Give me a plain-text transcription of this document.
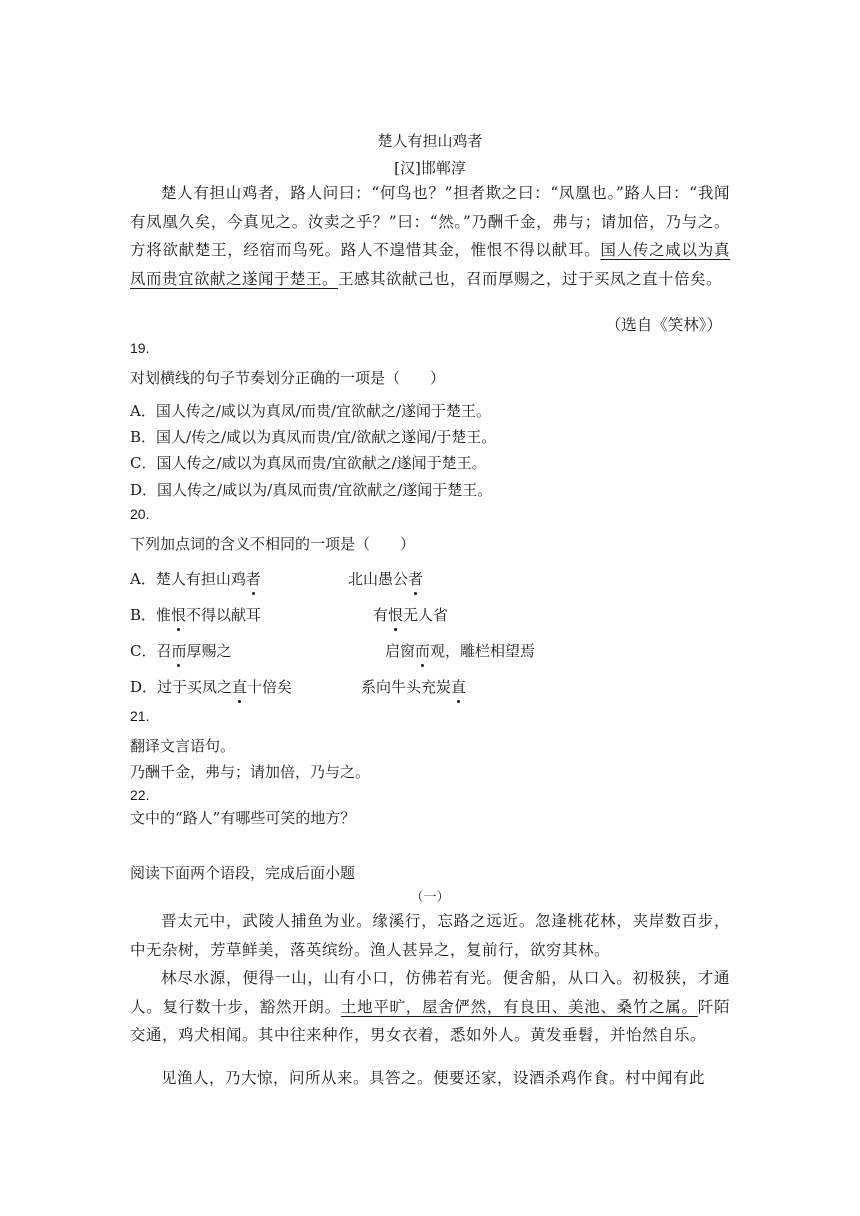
楚人有担山鸡者
[汉]邯郸淳

楚人有担山鸡者，路人问曰：“何鸟也？”担者欺之曰：“凤凰也。”路人曰：“我闻有凤凰久矣，今真见之。汝卖之乎？”曰：“然。”乃酬千金，弗与；请加倍，乃与之。方将欲献楚王，经宿而鸟死。路人不遑惜其金，惟恨不得以献耳。国人传之咸以为真凤而贵宜欲献之遂闻于楚王。王感其欲献己也，召而厚赐之，过于买凤之直十倍矣。

（选自《笑林》）
19.
对划横线的句子节奏划分正确的一项是（　　）
A．国人传之/咸以为真凤/而贵/宜欲献之/遂闻于楚王。
B．国人/传之/咸以为真凤而贵/宜/欲献之遂闻/于楚王。
C．国人传之/咸以为真凤而贵/宜欲献之/遂闻于楚王。
D．国人传之/咸以为/真凤而贵/宜欲献之/遂闻于楚王。
20.
下列加点词的含义不相同的一项是（　　）
A．楚人有担山鸡者	北山愚公者
B．惟恨不得以献耳	有恨无人省
C．召而厚赐之	启窗而观，雕栏相望焉
D．过于买凤之直十倍矣	系向牛头充炭直
21.
翻译文言语句。
乃酬千金，弗与；请加倍，乃与之。
22.
文中的“路人”有哪些可笑的地方？
阅读下面两个语段，完成后面小题
（一）

晋太元中，武陵人捕鱼为业。缘溪行，忘路之远近。忽逢桃花林，夹岸数百步，中无杂树，芳草鲜美，落英缤纷。渔人甚异之，复前行，欲穷其林。

林尽水源，便得一山，山有小口，仿佛若有光。便舍船，从口入。初极狭，才通人。复行数十步，豁然开朗。土地平旷，屋舍俨然，有良田、美池、桑竹之属。阡陌交通，鸡犬相闻。其中往来种作，男女衣着，悉如外人。黄发垂髫，并怡然自乐。

见渔人，乃大惊，问所从来。具答之。便要还家，设酒杀鸡作食。村中闻有此
